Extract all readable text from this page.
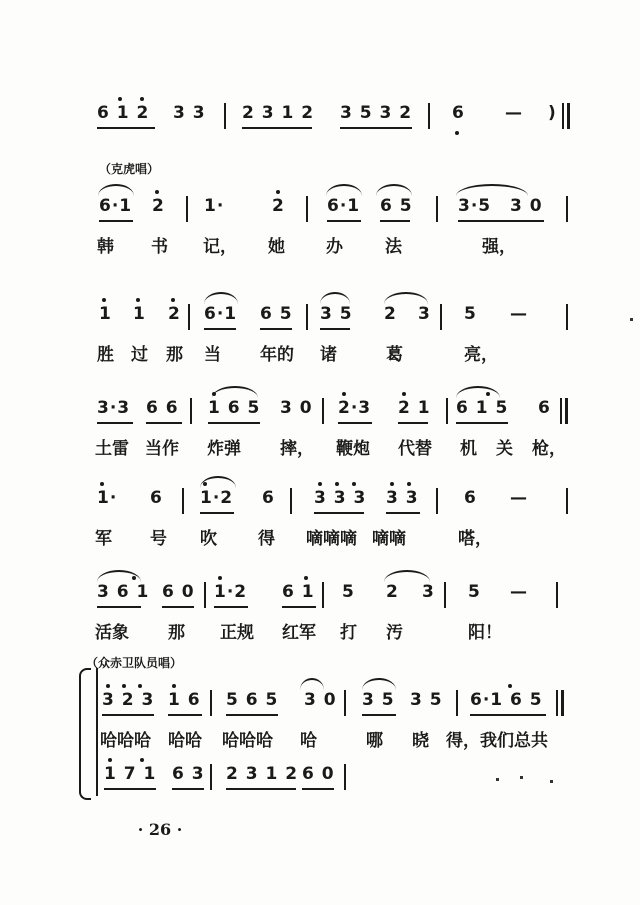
6 1 2 3 3 2 3 1 2 3 5 3 2 6 — )
（克虎唱）
6·1 2 1·	2 6·1 6 5	3·5 3 0
韩 书 记， 她 办 法	强，
1 1 2 6·1 6 5 3 5 2 3 5 —
胜 过 那 当 年的 诸	葛	亮，
3·3 6 6 1 6 5 3 0 2·3 2 1 6 1 5 6
土雷 当作 炸弹 摔， 鞭炮 代替 机 关 枪，
1· 6 1·2 6 3 3 3 3 3	6 —
军 号 吹 得 嘀嘀嘀 嘀嘀	嗒，
3 6 1 6 0 1·2 6 1 5 2 3 5 —
活象 那 正规 红军 打 汚	阳！
（众赤卫队员唱）
3 2 3 1 6 5 6 5 3 0 3 5 3 5 6·1 6 5
哈哈哈 哈哈 哈哈哈 哈	哪 晓 得，我们总共
1 7 1 6 3 2 3 1 2 6 0
· 26 ·
